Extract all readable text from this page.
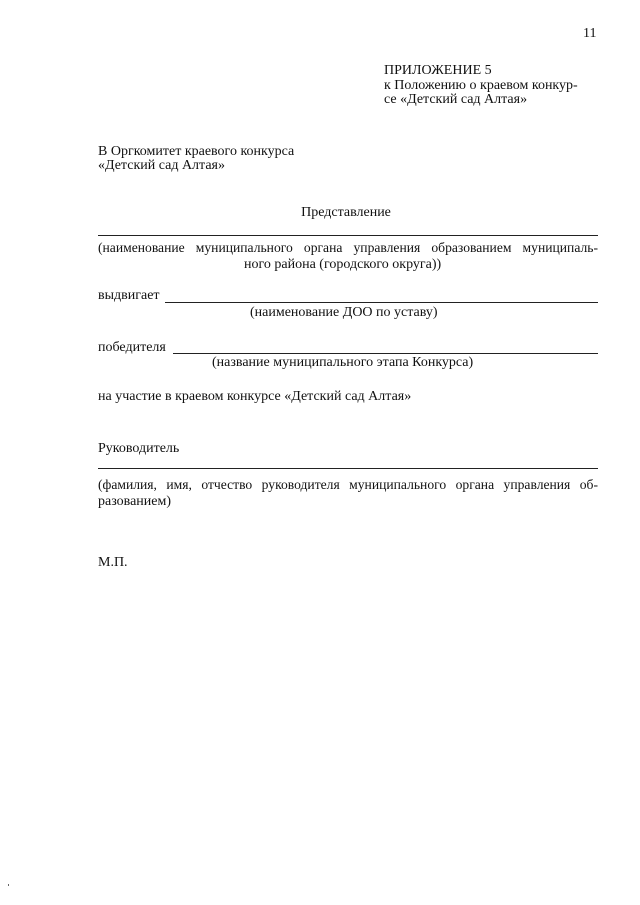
11
ПРИЛОЖЕНИЕ 5
к Положению о краевом конкур-
се «Детский сад Алтая»
В Оргкомитет краевого конкурса
«Детский сад Алтая»
Представление
(наименование муниципального органа управления образованием муниципаль-
ного района (городского округа))
выдвигает
(наименование ДОО по уставу)
победителя
(название муниципального этапа Конкурса)
на участие в краевом конкурсе «Детский сад Алтая»
Руководитель
(фамилия, имя, отчество руководителя муниципального органа управления об-
разованием)
М.П.
